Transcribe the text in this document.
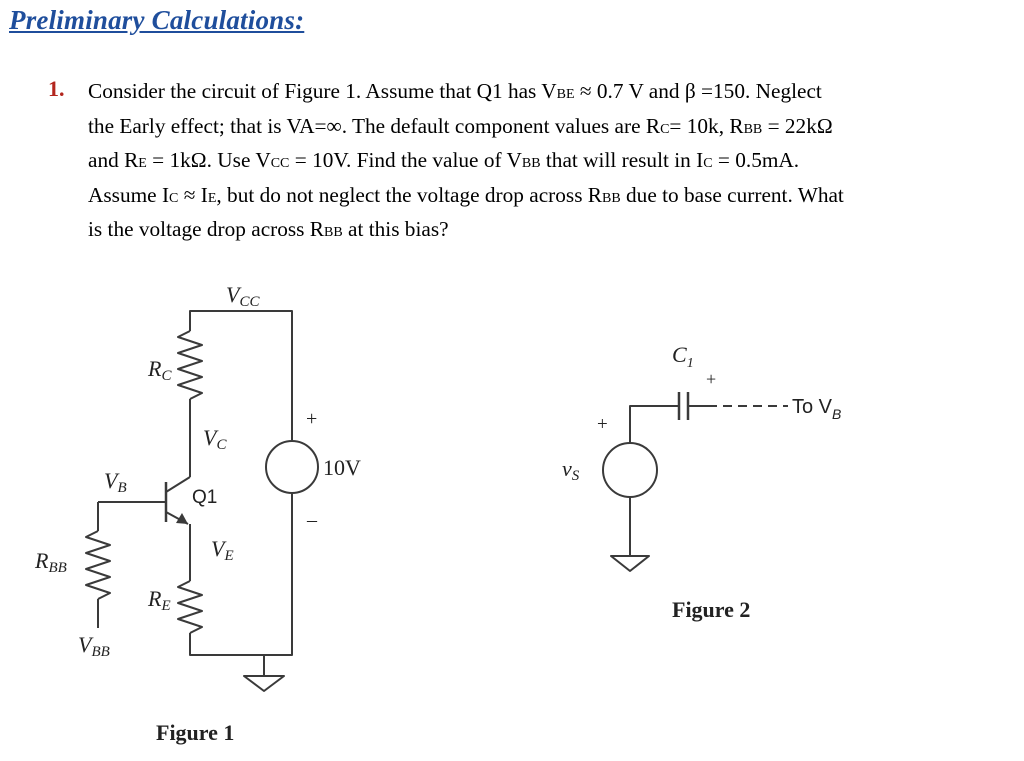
Preliminary Calculations:
1. Consider the circuit of Figure 1. Assume that Q1 has VBE ≈ 0.7 V and β =150. Neglect
the Early effect; that is VA=∞. The default component values are RC= 10k, RBB = 22kΩ
and RE = 1kΩ. Use VCC = 10V. Find the value of VBB that will result in IC = 0.5mA.
Assume IC ≈ IE, but do not neglect the voltage drop across RBB due to base current. What
is the voltage drop across RBB at this bias?
VCC
RC
VC
VB
VE
RBB
RE
VBB
Q1
+
10V
–
Figure 1
$C_1$
vS
+
+
To $V_B$
Figure 2
